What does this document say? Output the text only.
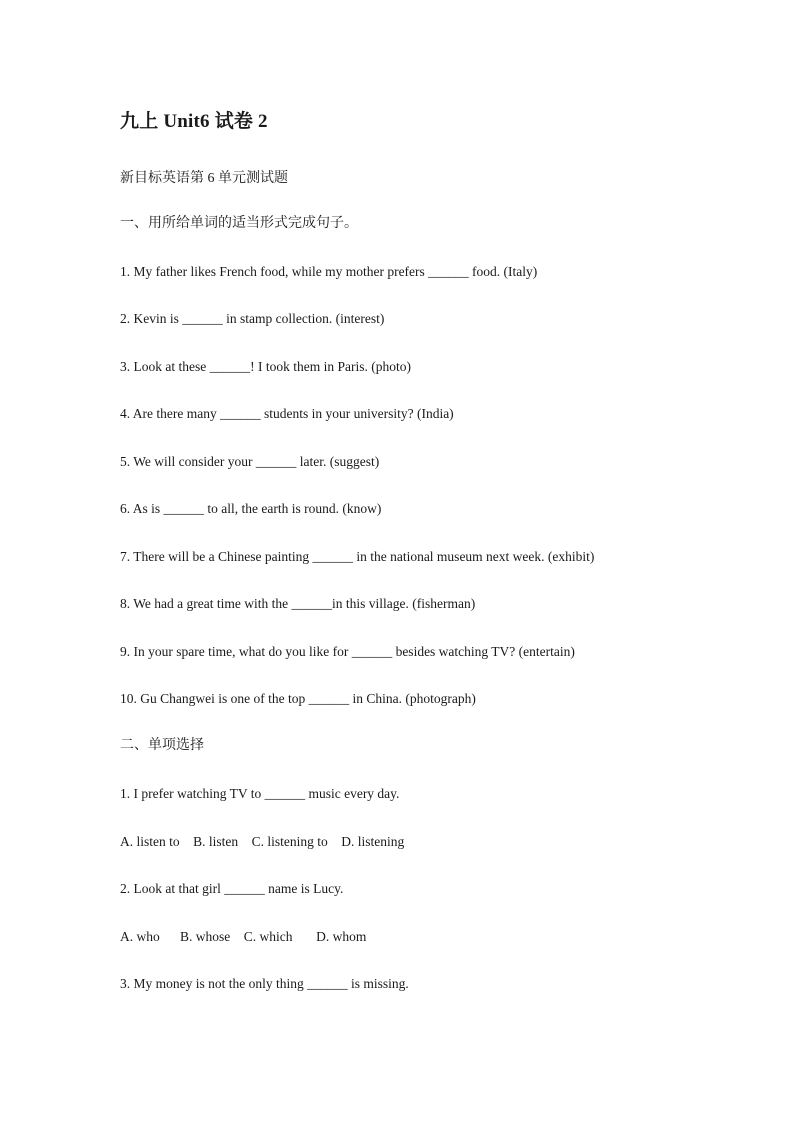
九上 Unit6 试卷 2
新目标英语第 6 单元测试题
一、用所给单词的适当形式完成句子。
1. My father likes French food, while my mother prefers ______ food. (Italy)
2. Kevin is ______ in stamp collection. (interest)
3. Look at these ______! I took them in Paris. (photo)
4. Are there many ______ students in your university? (India)
5. We will consider your ______ later. (suggest)
6. As is ______ to all, the earth is round. (know)
7. There will be a Chinese painting ______ in the national museum next week. (exhibit)
8. We had a great time with the ______in this village. (fisherman)
9. In your spare time, what do you like for ______ besides watching TV? (entertain)
10. Gu Changwei is one of the top ______ in China. (photograph)
二、单项选择
1. I prefer watching TV to ______ music every day.
A. listen to    B. listen    C. listening to    D. listening
2. Look at that girl ______ name is Lucy.
A. who      B. whose    C. which       D. whom
3. My money is not the only thing ______ is missing.
